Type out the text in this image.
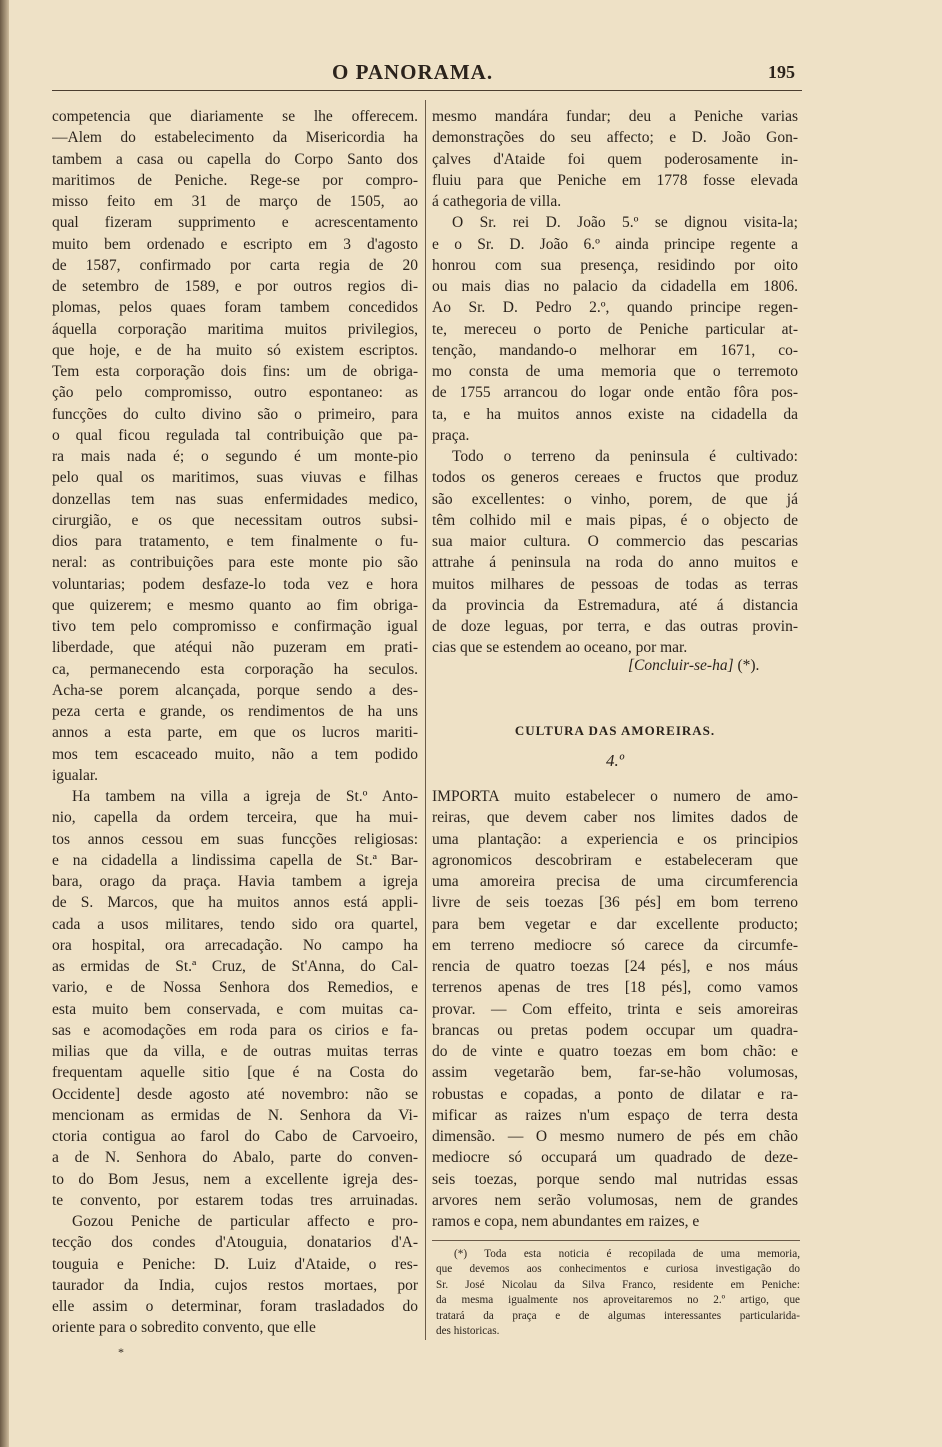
O PANORAMA.	195
competencia que diariamente se lhe offerecem.
—Alem do estabelecimento da Misericordia ha
tambem a casa ou capella do Corpo Santo dos
maritimos de Peniche. Rege-se por compro-
misso feito em 31 de março de 1505, ao
qual fizeram supprimento e acrescentamento
muito bem ordenado e escripto em 3 d'agosto
de 1587, confirmado por carta regia de 20
de setembro de 1589, e por outros regios di-
plomas, pelos quaes foram tambem concedidos
áquella corporação maritima muitos privilegios,
que hoje, e de ha muito só existem escriptos.
Tem esta corporação dois fins: um de obriga-
ção pelo compromisso, outro espontaneo: as
funcções do culto divino são o primeiro, para
o qual ficou regulada tal contribuição que pa-
ra mais nada é; o segundo é um monte-pio
pelo qual os maritimos, suas viuvas e filhas
donzellas tem nas suas enfermidades medico,
cirurgião, e os que necessitam outros subsi-
dios para tratamento, e tem finalmente o fu-
neral: as contribuições para este monte pio são
voluntarias; podem desfaze-lo toda vez e hora
que quizerem; e mesmo quanto ao fim obriga-
tivo tem pelo compromisso e confirmação igual
liberdade, que atéqui não puzeram em prati-
ca, permanecendo esta corporação ha seculos.
Acha-se porem alcançada, porque sendo a des-
peza certa e grande, os rendimentos de ha uns
annos a esta parte, em que os lucros mariti-
mos tem escaceado muito, não a tem podido
igualar.
Ha tambem na villa a igreja de St.º Anto-
nio, capella da ordem terceira, que ha mui-
tos annos cessou em suas funcções religiosas:
e na cidadella a lindissima capella de St.ª Bar-
bara, orago da praça. Havia tambem a igreja
de S. Marcos, que ha muitos annos está appli-
cada a usos militares, tendo sido ora quartel,
ora hospital, ora arrecadação. No campo ha
as ermidas de St.ª Cruz, de St'Anna, do Cal-
vario, e de Nossa Senhora dos Remedios, e
esta muito bem conservada, e com muitas ca-
sas e acomodações em roda para os cirios e fa-
milias que da villa, e de outras muitas terras
frequentam aquelle sitio [que é na Costa do
Occidente] desde agosto até novembro: não se
mencionam as ermidas de N. Senhora da Vi-
ctoria contigua ao farol do Cabo de Carvoeiro,
a de N. Senhora do Abalo, parte do conven-
to do Bom Jesus, nem a excellente igreja des-
te convento, por estarem todas tres arruinadas.
Gozou Peniche de particular affecto e pro-
tecção dos condes d'Atouguia, donatarios d'A-
touguia e Peniche: D. Luiz d'Ataide, o res-
taurador da India, cujos restos mortaes, por
elle assim o determinar, foram trasladados do
oriente para o sobredito convento, que elle
mesmo mandára fundar; deu a Peniche varias
demonstrações do seu affecto; e D. João Gon-
çalves d'Ataide foi quem poderosamente in-
fluiu para que Peniche em 1778 fosse elevada
á cathegoria de villa.
O Sr. rei D. João 5.º se dignou visita-la;
e o Sr. D. João 6.º ainda principe regente a
honrou com sua presença, residindo por oito
ou mais dias no palacio da cidadella em 1806.
Ao Sr. D. Pedro 2.º, quando principe regen-
te, mereceu o porto de Peniche particular at-
tenção, mandando-o melhorar em 1671, co-
mo consta de uma memoria que o terremoto
de 1755 arrancou do logar onde então fôra pos-
ta, e ha muitos annos existe na cidadella da
praça.
Todo o terreno da peninsula é cultivado:
todos os generos cereaes e fructos que produz
são excellentes: o vinho, porem, de que já
têm colhido mil e mais pipas, é o objecto de
sua maior cultura. O commercio das pescarias
attrahe á peninsula na roda do anno muitos e
muitos milhares de pessoas de todas as terras
da provincia da Estremadura, até á distancia
de doze leguas, por terra, e das outras provin-
cias que se estendem ao oceano, por mar.
[Concluir-se-ha] (*).
CULTURA DAS AMOREIRAS.
4.º
IMPORTA muito estabelecer o numero de amo-
reiras, que devem caber nos limites dados de
uma plantação: a experiencia e os principios
agronomicos descobriram e estabeleceram que
uma amoreira precisa de uma circumferencia
livre de seis toezas [36 pés] em bom terreno
para bem vegetar e dar excellente producto;
em terreno mediocre só carece da circumfe-
rencia de quatro toezas [24 pés], e nos máus
terrenos apenas de tres [18 pés], como vamos
provar. — Com effeito, trinta e seis amoreiras
brancas ou pretas podem occupar um quadra-
do de vinte e quatro toezas em bom chão: e
assim vegetarão bem, far-se-hão volumosas,
robustas e copadas, a ponto de dilatar e ra-
mificar as raizes n'um espaço de terra desta
dimensão. — O mesmo numero de pés em chão
mediocre só occupará um quadrado de deze-
seis toezas, porque sendo mal nutridas essas
arvores nem serão volumosas, nem de grandes
ramos e copa, nem abundantes em raizes, e
(*) Toda esta noticia é recopilada de uma memoria,
que devemos aos conhecimentos e curiosa investigação do
Sr. José Nicolau da Silva Franco, residente em Peniche:
da mesma igualmente nos aproveitaremos no 2.º artigo, que
tratará da praça e de algumas interessantes particularida-
des historicas.
*
